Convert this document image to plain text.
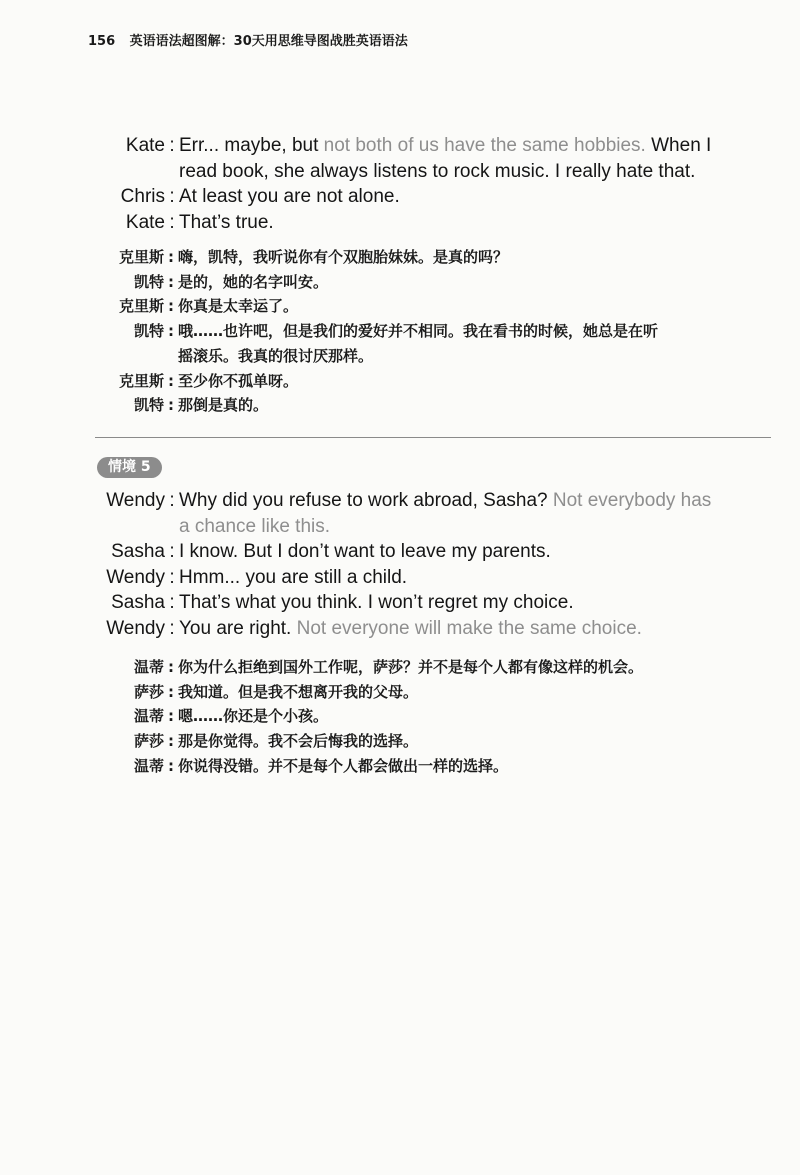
156 英语语法超图解：30天用思维导图战胜英语语法
Kate : Err... maybe, but not both of us have the same hobbies. When I
read book, she always listens to rock music. I really hate that.
Chris : At least you are not alone.
Kate : That’s true.
克里斯 : 嗨，凯特，我听说你有个双胞胎妹妹。是真的吗？
凯特 : 是的，她的名字叫安。
克里斯 : 你真是太幸运了。
凯特 : 哦……也许吧，但是我们的爱好并不相同。我在看书的时候，她总是在听
摇滚乐。我真的很讨厌那样。
克里斯 : 至少你不孤单呀。
凯特 : 那倒是真的。
情境 5
Wendy : Why did you refuse to work abroad, Sasha? Not everybody has
a chance like this.
Sasha : I know. But I don’t want to leave my parents.
Wendy : Hmm... you are still a child.
Sasha : That’s what you think. I won’t regret my choice.
Wendy : You are right. Not everyone will make the same choice.
温蒂 : 你为什么拒绝到国外工作呢，萨莎？并不是每个人都有像这样的机会。
萨莎 : 我知道。但是我不想离开我的父母。
温蒂 : 嗯……你还是个小孩。
萨莎 : 那是你觉得。我不会后悔我的选择。
温蒂 : 你说得没错。并不是每个人都会做出一样的选择。
